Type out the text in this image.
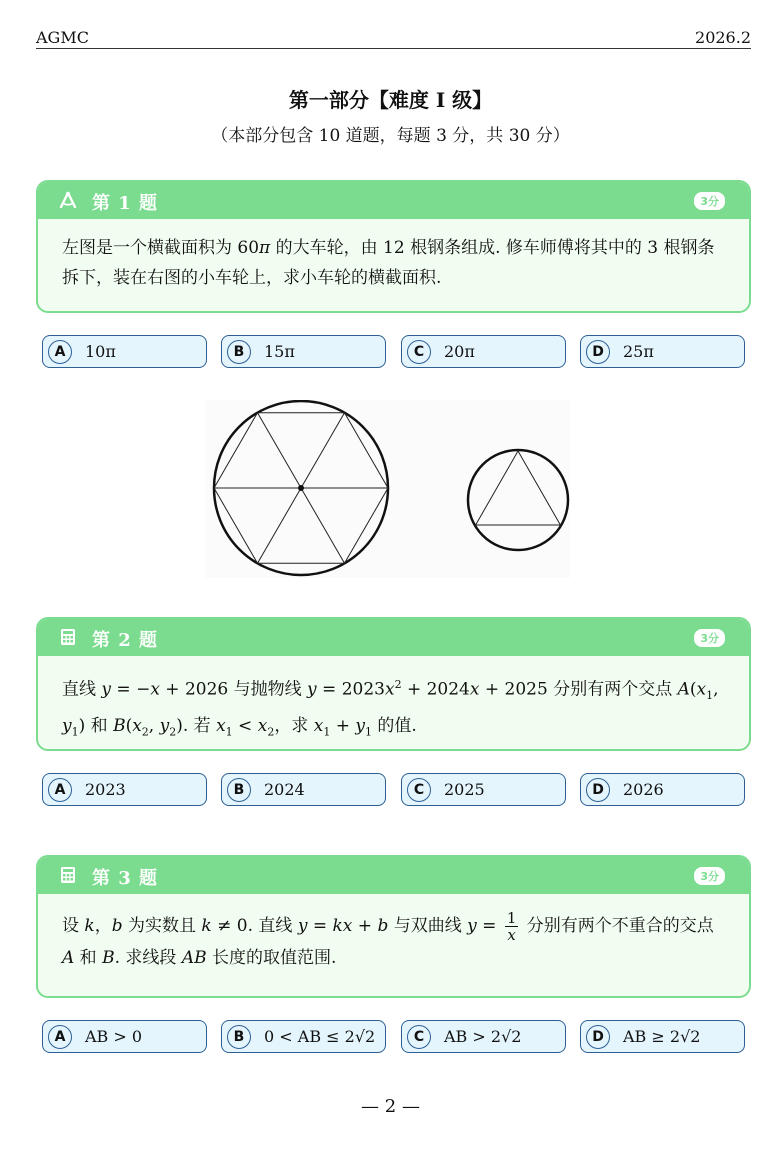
AGMC	2026.2
第一部分【难度 I 级】
（本部分包含 10 道题，每题 3 分，共 30 分）
第 1 题	3分
左图是一个横截面积为 60π 的大车轮，由 12 根钢条组成. 修车师傅将其中的 3 根钢条拆下，装在右图的小车轮上，求小车轮的横截面积.
A	10π	B	15π	C	20π	D	25π
第 2 题	3分
直线 y = −x + 2026 与抛物线 $y = 2023x^2 + 2024x + 2025$ 分别有两个交点 $A(x_1$, $y_1$) 和 $B(x_2$, $y_2$). 若 $x_1 < x_2$，求 $x_1 + y_1$ 的值.
A	2023	B	2024	C	2025	D	2026
第 3 题	3分
设 k，b 为实数且 k ≠ 0. 直线 y = kx + b 与双曲线 $y = \frac{1}{x}$ 分别有两个不重合的交点
A 和 B. 求线段 AB 长度的取值范围.
A	AB > 0	B	0 < AB ≤ 2√2	C	AB > 2√2	D	AB ≥ 2√2
— 2 —
